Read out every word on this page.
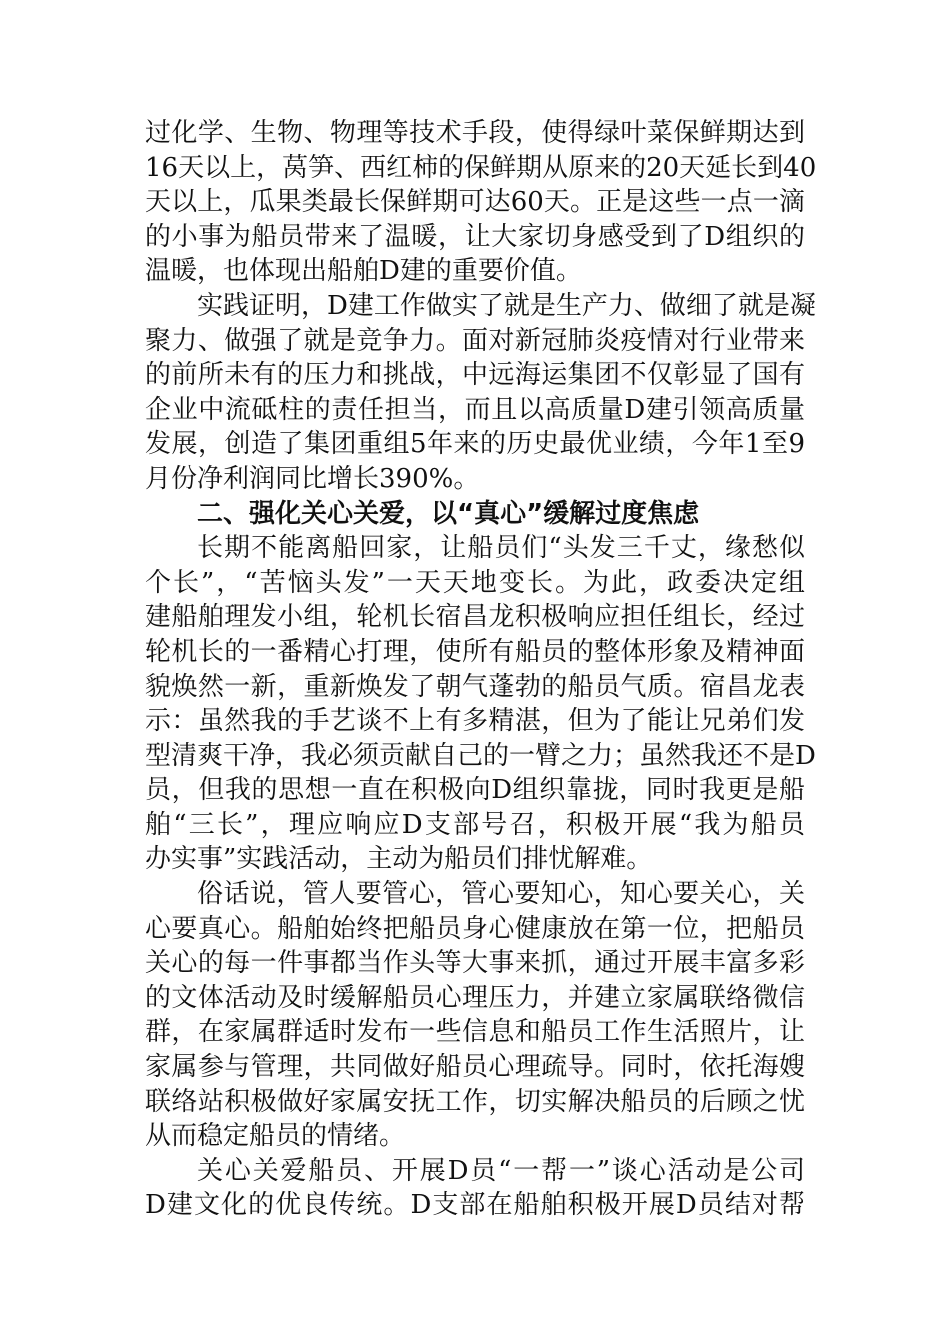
过化学、生物、物理等技术手段，使得绿叶菜保鲜期达到
16天以上，莴笋、西红柿的保鲜期从原来的20天延长到40
天以上，瓜果类最长保鲜期可达60天。正是这些一点一滴
的小事为船员带来了温暖，让大家切身感受到了D组织的
温暖，也体现出船舶D建的重要价值。
实践证明，D建工作做实了就是生产力、做细了就是凝
聚力、做强了就是竞争力。面对新冠肺炎疫情对行业带来
的前所未有的压力和挑战，中远海运集团不仅彰显了国有
企业中流砥柱的责任担当，而且以高质量D建引领高质量
发展，创造了集团重组5年来的历史最优业绩，今年1至9
月份净利润同比增长390%。
二、强化关心关爱，以“真心”缓解过度焦虑
长期不能离船回家，让船员们“头发三千丈，缘愁似
个长”，“苦恼头发”一天天地变长。为此，政委决定组
建船舶理发小组，轮机长宿昌龙积极响应担任组长，经过
轮机长的一番精心打理，使所有船员的整体形象及精神面
貌焕然一新，重新焕发了朝气蓬勃的船员气质。宿昌龙表
示：虽然我的手艺谈不上有多精湛，但为了能让兄弟们发
型清爽干净，我必须贡献自己的一臂之力；虽然我还不是D
员，但我的思想一直在积极向D组织靠拢，同时我更是船
舶“三长”，理应响应D支部号召，积极开展“我为船员
办实事”实践活动，主动为船员们排忧解难。
俗话说，管人要管心，管心要知心，知心要关心，关
心要真心。船舶始终把船员身心健康放在第一位，把船员
关心的每一件事都当作头等大事来抓，通过开展丰富多彩
的文体活动及时缓解船员心理压力，并建立家属联络微信
群，在家属群适时发布一些信息和船员工作生活照片，让
家属参与管理，共同做好船员心理疏导。同时，依托海嫂
联络站积极做好家属安抚工作，切实解决船员的后顾之忧
从而稳定船员的情绪。
关心关爱船员、开展D员“一帮一”谈心活动是公司
D建文化的优良传统。D支部在船舶积极开展D员结对帮
